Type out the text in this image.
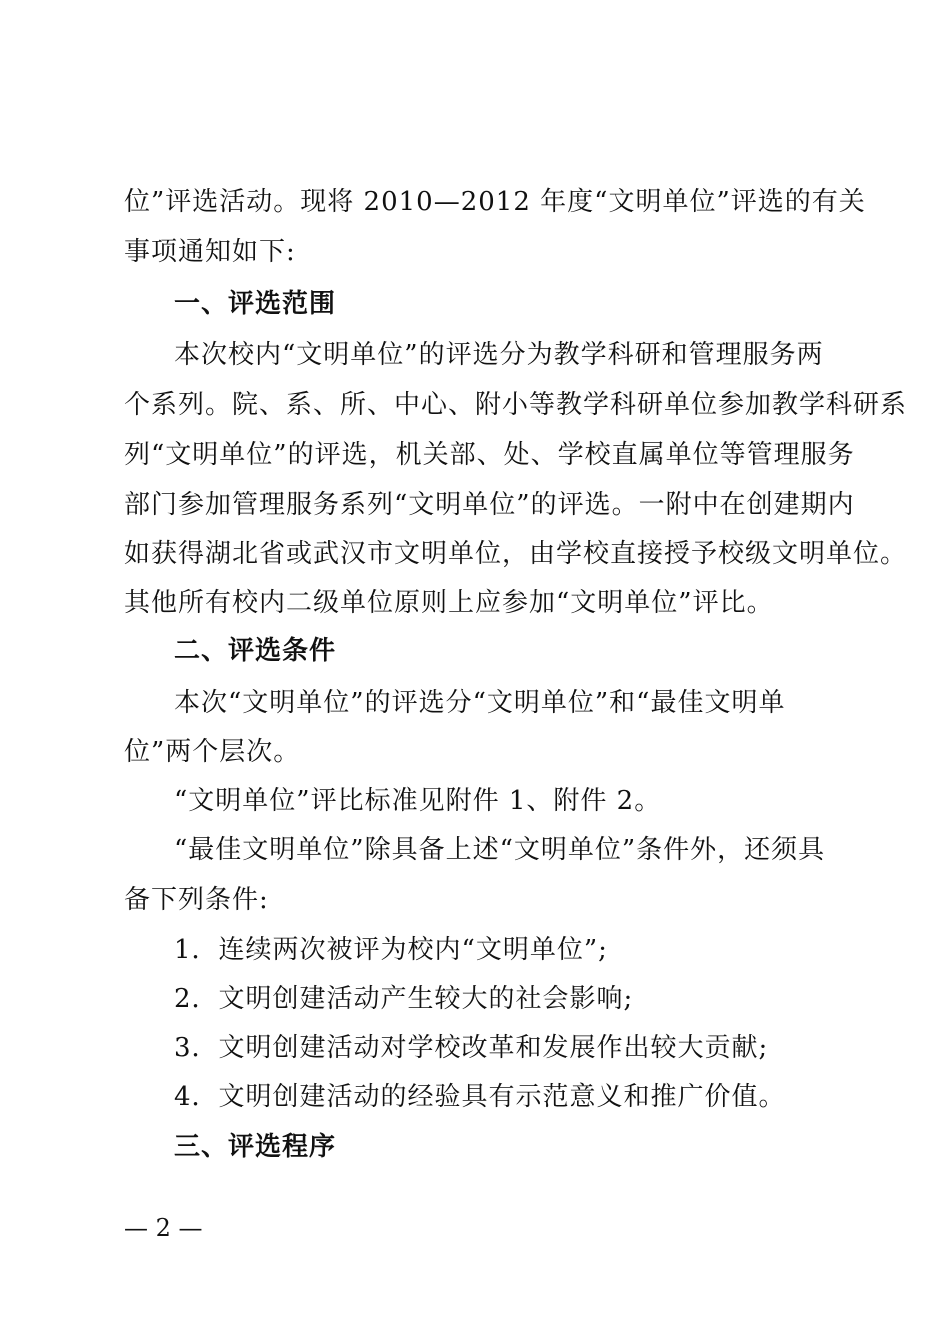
位”评选活动。现将 2010—2012 年度“文明单位”评选的有关
事项通知如下:
一、评选范围
本次校内“文明单位”的评选分为教学科研和管理服务两
个系列。院、系、所、中心、附小等教学科研单位参加教学科研系
列“文明单位”的评选，机关部、处、学校直属单位等管理服务
部门参加管理服务系列“文明单位”的评选。一附中在创建期内
如获得湖北省或武汉市文明单位，由学校直接授予校级文明单位。
其他所有校内二级单位原则上应参加“文明单位”评比。
二、评选条件
本次“文明单位”的评选分“文明单位”和“最佳文明单
位”两个层次。
“文明单位”评比标准见附件 1、附件 2。
“最佳文明单位”除具备上述“文明单位”条件外，还须具
备下列条件:
1．连续两次被评为校内“文明单位”;
2．文明创建活动产生较大的社会影响;
3．文明创建活动对学校改革和发展作出较大贡献;
4．文明创建活动的经验具有示范意义和推广价值。
三、评选程序
— 2 —
